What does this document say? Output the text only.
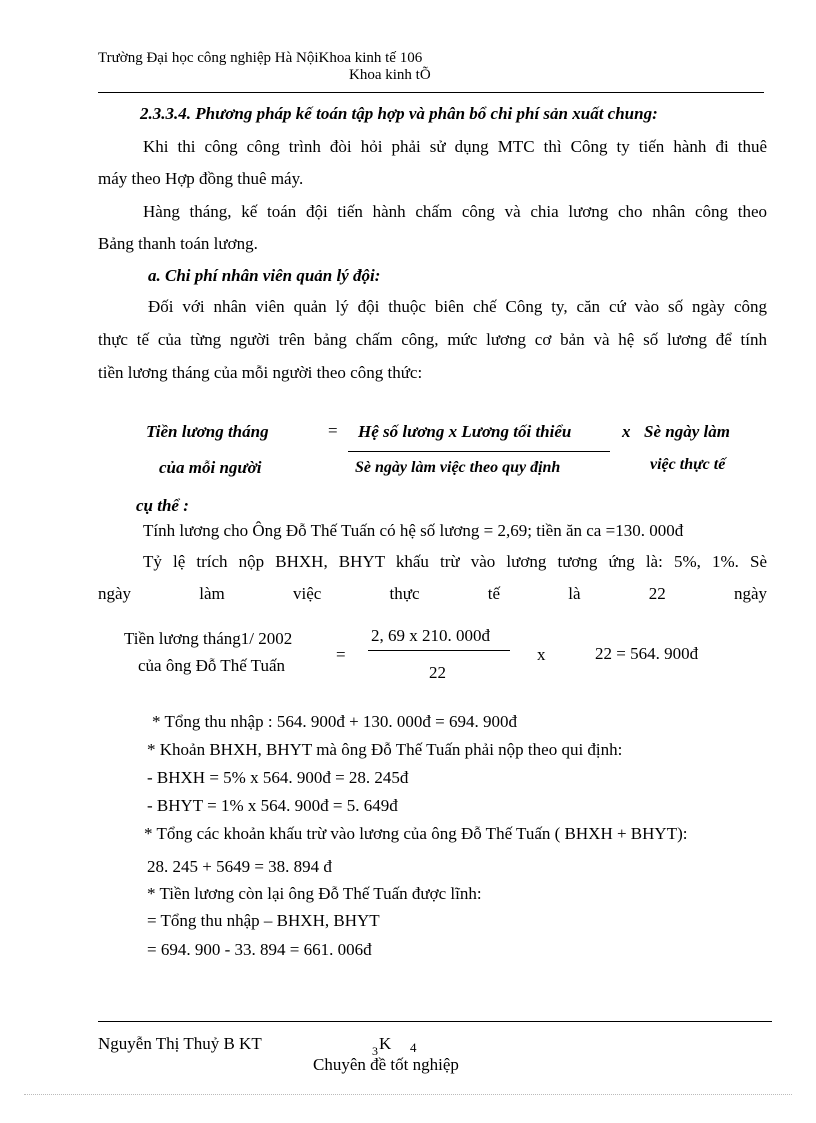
Trường Đại học công nghiệp Hà NộiKhoa kinh tế 106
Khoa kinh tÕ
2.3.3.4. Phương pháp kế toán tập hợp và phân bổ chi phí sản xuất chung:
Khi thi công công trình đòi hỏi phải sử dụng MTC thì Công ty tiến hành đi thuê
máy theo Hợp đồng thuê máy.
Hàng tháng, kế toán đội tiến hành chấm công và chia lương cho nhân công theo
Bảng thanh toán lương.
a. Chi phí nhân viên quản lý đội:
Đối với nhân viên quản lý đội thuộc biên chế Công ty, căn cứ vào số ngày công
thực tế của từng người trên bảng chấm công, mức lương cơ bản và hệ số lương để tính
tiền lương tháng của mỗi người theo công thức:
Tiền lương tháng
của mỗi người
= Hệ số lương x Lương tối thiểu
Sè ngày làm việc theo quy định
x Sè ngày làm
việc thực tế
cụ thể :
Tính lương cho Ông Đỗ Thế Tuấn có hệ số lương = 2,69; tiền ăn ca =130. 000đ
Tỷ lệ trích nộp BHXH, BHYT khấu trừ vào lương tương ứng là: 5%, 1%. Sè
ngày	làm	việc	thực	tế	là	22	ngày
Tiền lương tháng1/ 2002
của ông Đỗ Thế Tuấn
=
2, 69 x 210. 000đ
22
x	22 = 564. 900đ
* Tổng thu nhập : 564. 900đ + 130. 000đ = 694. 900đ
* Khoản BHXH, BHYT mà ông Đỗ Thế Tuấn phải nộp theo qui định:
- BHXH = 5% x 564. 900đ = 28. 245đ
- BHYT = 1% x 564. 900đ = 5. 649đ
* Tổng các khoản khấu trừ vào lương của ông Đỗ Thế Tuấn ( BHXH + BHYT):
28. 245 + 5649 = 38. 894 đ
* Tiền lương còn lại ông Đỗ Thế Tuấn được lĩnh:
= Tổng thu nhập – BHXH, BHYT
= 694. 900 - 33. 894 = 661. 006đ
Nguyễn Thị Thuỷ B KT	3 K 4
Chuyên đề tốt nghiệp
